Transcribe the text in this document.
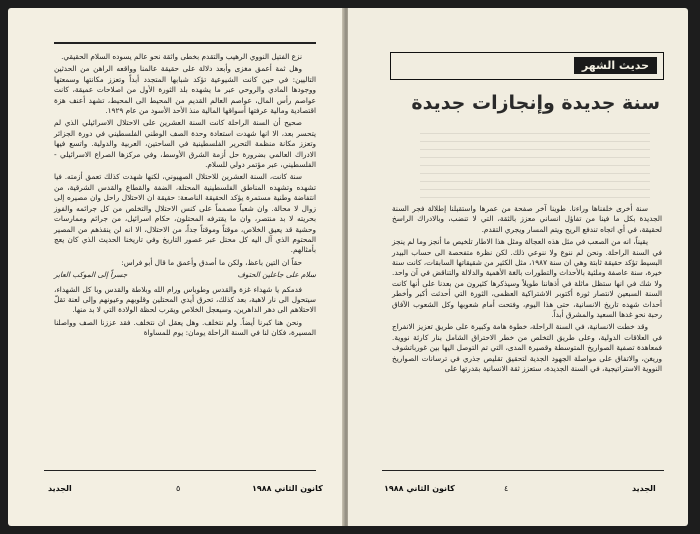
نزع الفتيل النووي الرهيب والتقدم بخطى واثقة نحو عالم يسوده السلام الحقيقي.

وهل ثمة أعمق مغزى وأبعد دلالة على حقيقة عالمنا وواقعه الراهن من الحدثين التاليين: في حين كانت الشيوعية تؤكد شبابها المتجدد أبداً وتعزز مكانتها وسمعتها ووجودها المادي والروحي عبر ما يشهده بلد الثورة الأول من اصلاحات عميقة، كانت عواصم رأس المال، عواصم العالم القديم من المحيط الى المحيط، تشهد أعنف هزة اقتصادية ومالية عرفتها أسواقها المالية منذ الأحد الأسود من عام ١٩٢٩.

صحيح أن السنة الراحلة كانت السنة العشرين على الاحتلال الاسرائيلي الذي لم يتحسر بعد، الا انها شهدت استعادة وحدة الصف الوطني الفلسطيني في دورة الجزائر وتعزز مكانة منظمة التحرير الفلسطينية في الساحتين، العربية والدولية. واتسع فيها الادراك العالمي بضرورة حل أزمة الشرق الأوسط، وفي مركزها الصراع الاسرائيلي - الفلسطيني، عبر مؤتمر دولي للسلام.

سنة كانت، السنة العشرين للاحتلال الصهيوني، لكنها شهدت كذلك تعمق أزمته. فيا تشهده وتشهده المناطق الفلسطينية المحتلة، الضفة والقطاع والقدس الشرقية، من انتفاضة وطنية مستمرة يؤكد الحقيقة الناصعة: حقيقة ان الاحتلال راحل وان مصيره إلى زوال لا محالة. وان شعباً مصمماً على كنس الاحتلال والتخلص من كل جرائمه والفوز بحريته لا بد منتصر، وان ما يقترفه المحتلون، حكام اسرائيل، من جرائم وممارسات وحشية قد يعيق الخلاص، موقتاً وموقتاً جداً، من الاحتلال، الا انه لن ينقذهم من المصير المحتوم الذي آل اليه كل محتل عبر عصور التاريخ وفي تاريخنا الحديث الذي كان يعج بأمثالهم.

حقاً ان التين باعظ، ولكن ما أصدق وأعمق ما قال أبو فراس:

سلام على جاعلين الحتوف
جسراً إلى الموكب العابر

فدمكم يا شهداء غزة والقدس وطوباس ورام الله وبلاطة والقدس وبا كل الشهداء، سيتحول الى نار لاهبة، بعد كذلك، تحرق أيدي المحتلين وقلوبهم وعيونهم وإلى لعنة تقلّ الاحتلاهم الى دهر الداهرين، وسيعجل الخلاص ويقرب لحظة الولادة التي لا بد منها.

ونحن هنا كبرنا أيضاً. ولم نتخلف. وهل يعقل ان نتخلف. فقد عززنا الصف وواصلنا المسيرة، فكان لنا في السنة الراحلة يومان: يوم للمساواة

الجديد	٥	كانون الثاني ١٩٨٨
حديث الشهر
سنة جديدة وإنجازات جديدة

سنة أخرى خلفناها وراءنا. طوينا آخر صفحة من عمرها واستقبلنا إطلالة فجر السنة الجديدة بكل ما فينا من تفاؤل انساني معزز بالثقة، التي لا تنضب، وبالادراك الراسخ لحقيقة، في أي اتجاه تندفع الريح ويتم المسار ويجري التقدم.

يقيناً، انه من الصعب في مثل هذه العجالة ومثل هذا الاطار تلخيص ما أنجز وما لم ينجز في السنة الراحلة. ونحن لم ننوع ولا ننوعي ذلك. لكن نظرة متفحصة الى حساب البيدر البسيط تؤكد حقيقة ثابتة وهي ان سنة ١٩٨٧، مثل الكثير من شقيقاتها السابقات، كانت سنة خيرة، سنة عاصفة وملئية بالأحداث والتطورات بالغة الأهمية والدلالة والتناقض في آن واحد. ولا شك في انها ستظل ماثلة في أذهاننا طويلاً وسيذكرها كثيرون من بعدنا على أنها كانت السنة السبعين لانتصار ثورة أكتوبر الاشتراكية العظمى، الثورة التي أحدثت أكبر وأخطر أحداث شهده تاريخ الانسانية، حتى هذا اليوم، وفتحت أمام شعوبها وكل الشعوب الآفاق رحبة نحو غدها السعيد والمشرق أبداً.

وقد خطت الانسانية، في السنة الراحلة، خطوة هامة وكبيرة على طريق تعزيز الانفراج في العلاقات الدولية، وعلى طريق التخلص من خطر الاحتراق الشامل بنار كارثة نووية. فمعاهدة تصفية الصواريخ المتوسطة وقصيرة المدى، التي تم التوصل اليها بين غورباتشوف وريغن، والاتفاق على مواصلة الجهود الجدية لتحقيق تقليص جذري في ترسانات الصواريخ النووية الاستراتيجية، في السنة الجديدة، ستعزز ثقة الانسانية بقدرتها على

كانون الثاني ١٩٨٨	٤	الجديد
